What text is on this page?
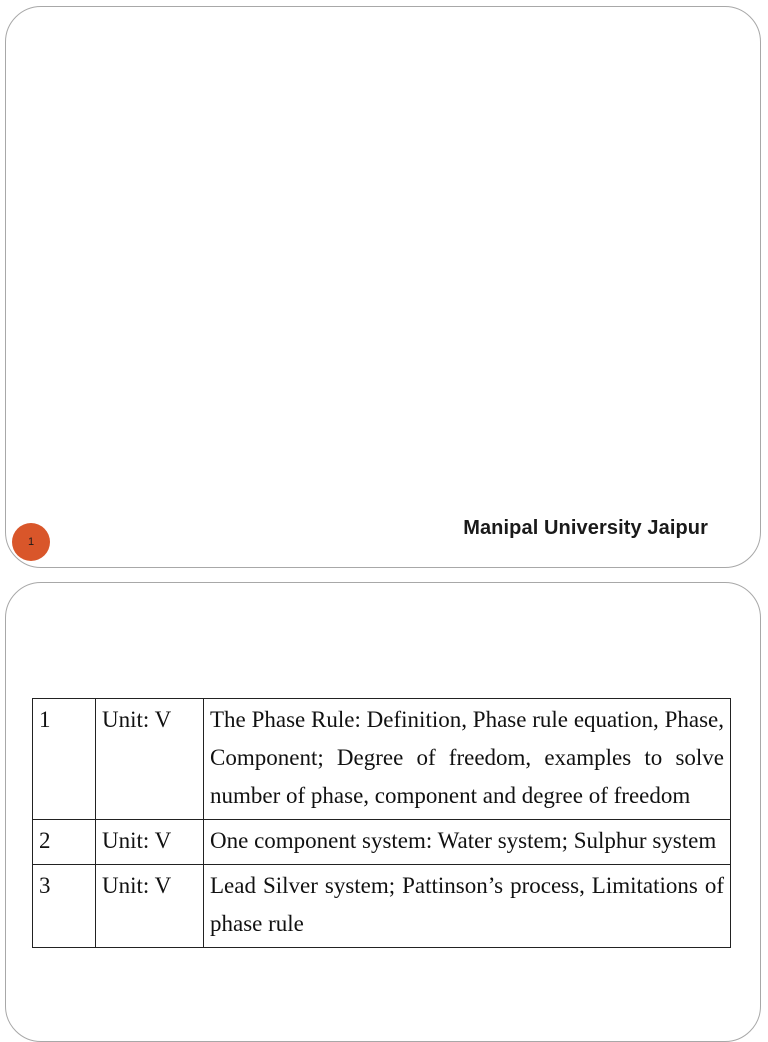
Manipal University Jaipur
1
1	Unit: V	The Phase Rule: Definition, Phase rule equation, Phase, Component; Degree of freedom, examples to solve number of phase, component and degree of freedom
2	Unit: V	One component system: Water system; Sulphur system
3	Unit: V	Lead Silver system; Pattinson’s process, Limitations of phase rule
